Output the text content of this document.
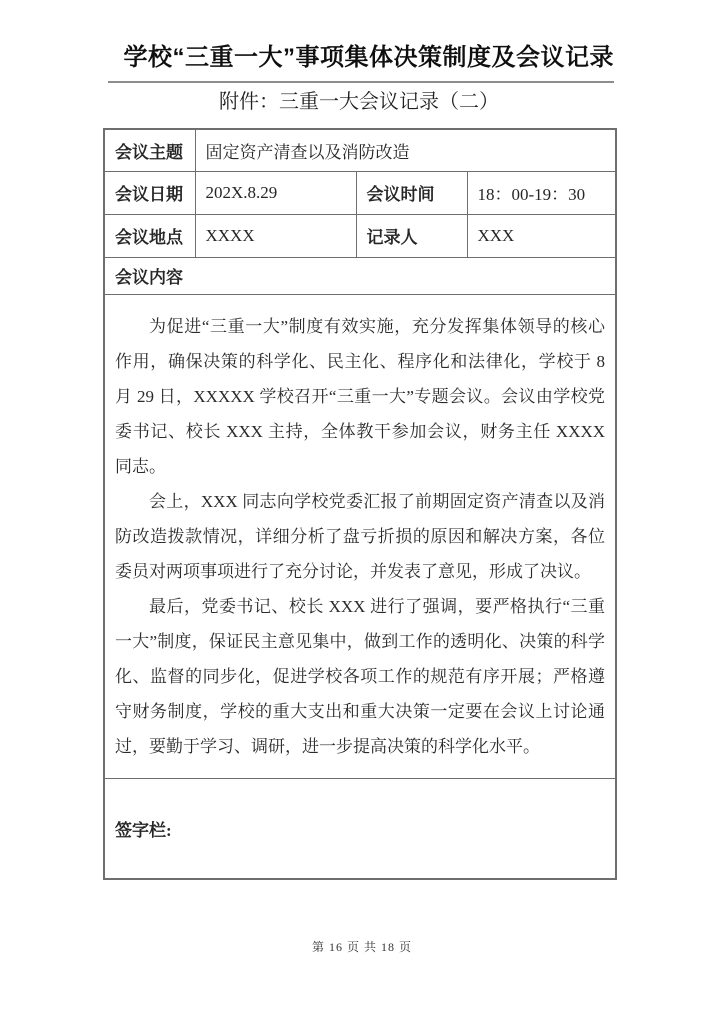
学校“三重一大”事项集体决策制度及会议记录
附件：三重一大会议记录（二）
会议主题	固定资产清查以及消防改造		
会议日期	202X.8.29	会议时间	18：00-19：30
会议地点	XXXX	记录人	XXX
会议内容			

为促进“三重一大”制度有效实施，充分发挥集体领导的核心作用，确保决策的科学化、民主化、程序化和法律化，学校于 8 月 29 日，XXXXX 学校召开“三重一大”专题会议。会议由学校党委书记、校长 XXX 主持，全体教干参加会议，财务主任 XXXX 同志。

会上，XXX 同志向学校党委汇报了前期固定资产清查以及消防改造拨款情况，详细分析了盘亏折损的原因和解决方案，各位委员对两项事项进行了充分讨论，并发表了意见，形成了决议。

最后，党委书记、校长 XXX 进行了强调，要严格执行“三重一大”制度，保证民主意见集中，做到工作的透明化、决策的科学化、监督的同步化，促进学校各项工作的规范有序开展；严格遵守财务制度，学校的重大支出和重大决策一定要在会议上讨论通过，要勤于学习、调研，进一步提高决策的科学化水平。			

签字栏:			
第 16 页 共 18 页
